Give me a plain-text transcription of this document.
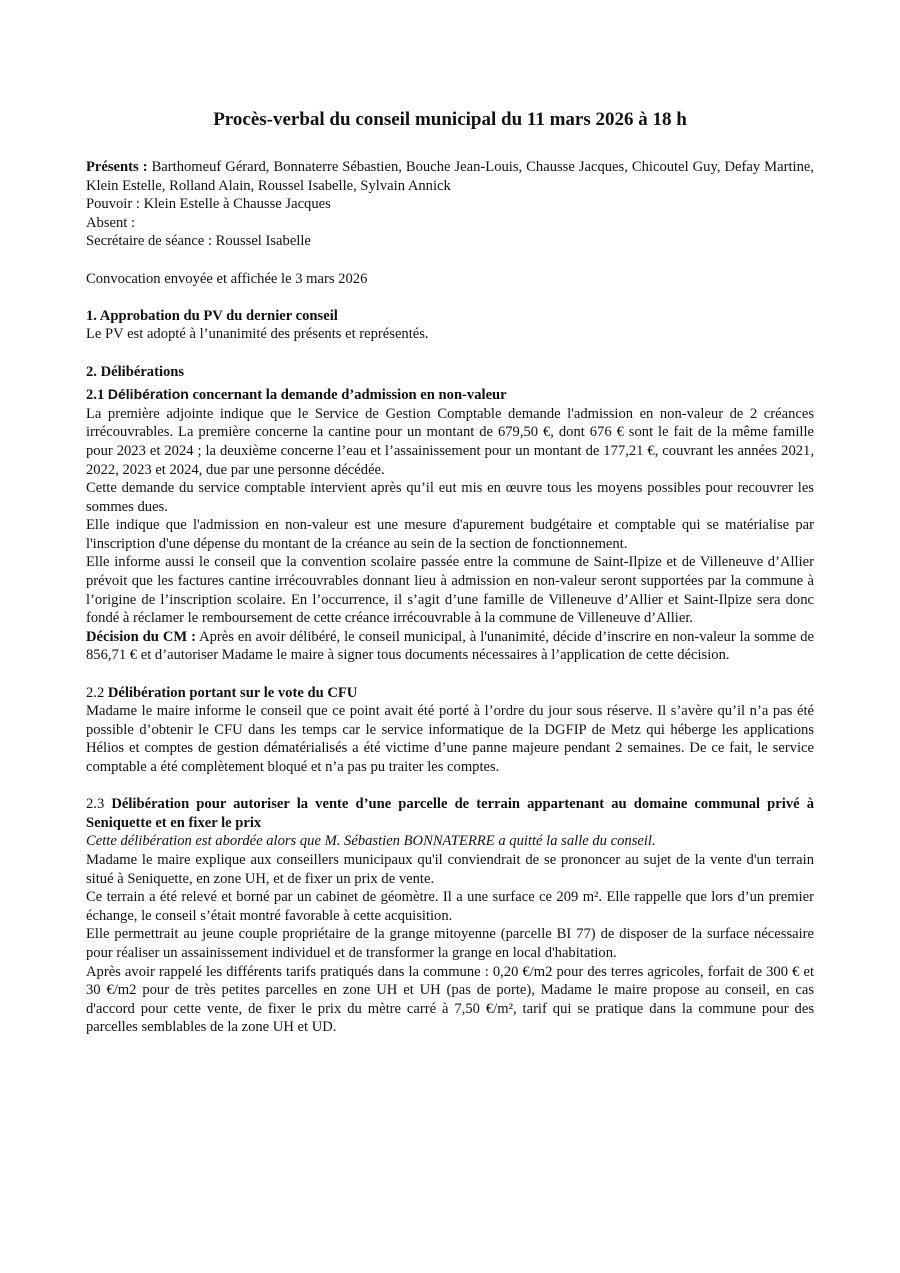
Procès-verbal du conseil municipal du 11 mars 2026 à 18 h

Présents : Barthomeuf Gérard, Bonnaterre Sébastien, Bouche Jean-Louis, Chausse Jacques, Chicoutel Guy, Defay Martine, Klein Estelle, Rolland Alain, Roussel Isabelle, Sylvain Annick

Pouvoir : Klein Estelle à Chausse Jacques

Absent :

Secrétaire de séance : Roussel Isabelle

Convocation envoyée et affichée le 3 mars 2026

1. Approbation du PV du dernier conseil

Le PV est adopté à l’unanimité des présents et représentés.

2. Délibérations

2.1 Délibération concernant la demande d’admission en non-valeur

La première adjointe indique que le Service de Gestion Comptable demande l'admission en non-valeur de 2 créances irrécouvrables. La première concerne la cantine pour un montant de 679,50 €, dont 676 € sont le fait de la même famille pour 2023 et 2024 ; la deuxième concerne l’eau et l’assainissement pour un montant de 177,21 €, couvrant les années 2021, 2022, 2023 et 2024, due par une personne décédée.

Cette demande du service comptable intervient après qu’il eut mis en œuvre tous les moyens possibles pour recouvrer les sommes dues.

Elle indique que l'admission en non-valeur est une mesure d'apurement budgétaire et comptable qui se matérialise par l'inscription d'une dépense du montant de la créance au sein de la section de fonctionnement.

Elle informe aussi le conseil que la convention scolaire passée entre la commune de Saint-Ilpize et de Villeneuve d’Allier prévoit que les factures cantine irrécouvrables donnant lieu à admission en non-valeur seront supportées par la commune à l’origine de l’inscription scolaire. En l’occurrence, il s’agit d’une famille de Villeneuve d’Allier et Saint-Ilpize sera donc fondé à réclamer le remboursement de cette créance irrécouvrable à la commune de Villeneuve d’Allier.

Décision du CM : Après en avoir délibéré, le conseil municipal, à l'unanimité, décide d’inscrire en non-valeur la somme de 856,71 € et d’autoriser Madame le maire à signer tous documents nécessaires à l’application de cette décision.

2.2 Délibération portant sur le vote du CFU

Madame le maire informe le conseil que ce point avait été porté à l’ordre du jour sous réserve. Il s’avère qu’il n’a pas été possible d’obtenir le CFU dans les temps car le service informatique de la DGFIP de Metz qui héberge les applications Hélios et comptes de gestion dématérialisés a été victime d’une panne majeure pendant 2 semaines. De ce fait, le service comptable a été complètement bloqué et n’a pas pu traiter les comptes.

2.3 Délibération pour autoriser la vente d’une parcelle de terrain appartenant au domaine communal privé à Seniquette et en fixer le prix

Cette délibération est abordée alors que M. Sébastien BONNATERRE a quitté la salle du conseil.

Madame le maire explique aux conseillers municipaux qu'il conviendrait de se prononcer au sujet de la vente d'un terrain situé à Seniquette, en zone UH, et de fixer un prix de vente.

Ce terrain a été relevé et borné par un cabinet de géomètre. Il a une surface ce 209 m². Elle rappelle que lors d’un premier échange, le conseil s’était montré favorable à cette acquisition.

Elle permettrait au jeune couple propriétaire de la grange mitoyenne (parcelle BI 77) de disposer de la surface nécessaire pour réaliser un assainissement individuel et de transformer la grange en local d'habitation.

Après avoir rappelé les différents tarifs pratiqués dans la commune : 0,20 €/m2 pour des terres agricoles, forfait de 300 € et 30 €/m2 pour de très petites parcelles en zone UH et UH (pas de porte), Madame le maire propose au conseil, en cas d'accord pour cette vente, de fixer le prix du mètre carré à 7,50 €/m², tarif qui se pratique dans la commune pour des parcelles semblables de la zone UH et UD.
